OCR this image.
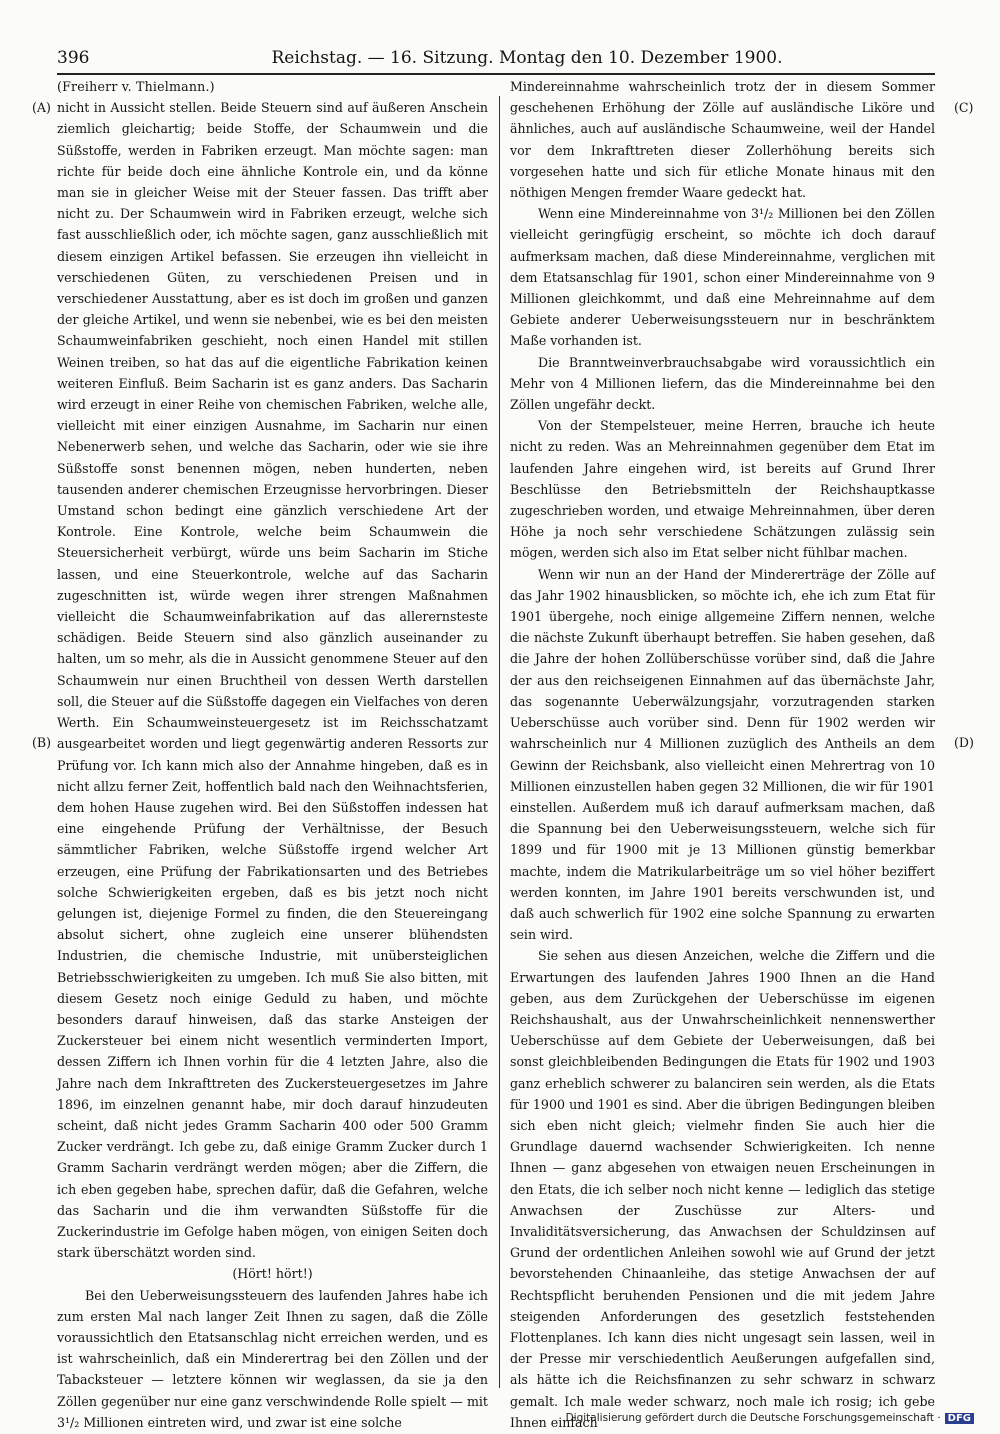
396	Reichstag. — 16. Sitzung. Montag den 10. Dezember 1900.
(A)
(B)
(C)
(D)

(Freiherr v. Thielmann.)

nicht in Aussicht stellen. Beide Steuern sind auf äußeren Anschein ziemlich gleichartig; beide Stoffe, der Schaumwein und die Süßstoffe, werden in Fabriken erzeugt. Man möchte sagen: man richte für beide doch eine ähnliche Kontrole ein, und da könne man sie in gleicher Weise mit der Steuer fassen. Das trifft aber nicht zu. Der Schaumwein wird in Fabriken erzeugt, welche sich fast ausschließlich oder, ich möchte sagen, ganz ausschließlich mit diesem einzigen Artikel befassen. Sie erzeugen ihn vielleicht in verschiedenen Güten, zu verschiedenen Preisen und in verschiedener Ausstattung, aber es ist doch im großen und ganzen der gleiche Artikel, und wenn sie nebenbei, wie es bei den meisten Schaumweinfabriken geschieht, noch einen Handel mit stillen Weinen treiben, so hat das auf die eigentliche Fabrikation keinen weiteren Einfluß. Beim Sacharin ist es ganz anders. Das Sacharin wird erzeugt in einer Reihe von chemischen Fabriken, welche alle, vielleicht mit einer einzigen Ausnahme, im Sacharin nur einen Nebenerwerb sehen, und welche das Sacharin, oder wie sie ihre Süßstoffe sonst benennen mögen, neben hunderten, neben tausenden anderer chemischen Erzeugnisse hervorbringen. Dieser Umstand schon bedingt eine gänzlich verschiedene Art der Kontrole. Eine Kontrole, welche beim Schaumwein die Steuersicherheit verbürgt, würde uns beim Sacharin im Stiche lassen, und eine Steuerkontrole, welche auf das Sacharin zugeschnitten ist, würde wegen ihrer strengen Maßnahmen vielleicht die Schaumweinfabrikation auf das allerernsteste schädigen. Beide Steuern sind also gänzlich auseinander zu halten, um so mehr, als die in Aussicht genommene Steuer auf den Schaumwein nur einen Bruchtheil von dessen Werth darstellen soll, die Steuer auf die Süßstoffe dagegen ein Vielfaches von deren Werth. Ein Schaumweinsteuergesetz ist im Reichsschatzamt ausgearbeitet worden und liegt gegenwärtig anderen Ressorts zur Prüfung vor. Ich kann mich also der Annahme hingeben, daß es in nicht allzu ferner Zeit, hoffentlich bald nach den Weihnachtsferien, dem hohen Hause zugehen wird. Bei den Süßstoffen indessen hat eine eingehende Prüfung der Verhältnisse, der Besuch sämmtlicher Fabriken, welche Süßstoffe irgend welcher Art erzeugen, eine Prüfung der Fabrikationsarten und des Betriebes solche Schwierigkeiten ergeben, daß es bis jetzt noch nicht gelungen ist, diejenige Formel zu finden, die den Steuereingang absolut sichert, ohne zugleich eine unserer blühendsten Industrien, die chemische Industrie, mit unübersteiglichen Betriebsschwierigkeiten zu umgeben. Ich muß Sie also bitten, mit diesem Gesetz noch einige Geduld zu haben, und möchte besonders darauf hinweisen, daß das starke Ansteigen der Zuckersteuer bei einem nicht wesentlich verminderten Import, dessen Ziffern ich Ihnen vorhin für die 4 letzten Jahre, also die Jahre nach dem Inkrafttreten des Zuckersteuergesetzes im Jahre 1896, im einzelnen genannt habe, mir doch darauf hinzudeuten scheint, daß nicht jedes Gramm Sacharin 400 oder 500 Gramm Zucker verdrängt. Ich gebe zu, daß einige Gramm Zucker durch 1 Gramm Sacharin verdrängt werden mögen; aber die Ziffern, die ich eben gegeben habe, sprechen dafür, daß die Gefahren, welche das Sacharin und die ihm verwandten Süßstoffe für die Zuckerindustrie im Gefolge haben mögen, von einigen Seiten doch stark überschätzt worden sind.

(Hört! hört!)

Bei den Ueberweisungssteuern des laufenden Jahres habe ich zum ersten Mal nach langer Zeit Ihnen zu sagen, daß die Zölle voraussichtlich den Etatsanschlag nicht erreichen werden, und es ist wahrscheinlich, daß ein Minderertrag bei den Zöllen und der Tabacksteuer — letztere können wir weglassen, da sie ja den Zöllen gegenüber nur eine ganz verschwindende Rolle spielt — mit 3¹/₂ Millionen eintreten wird, und zwar ist eine solche

Mindereinnahme wahrscheinlich trotz der in diesem Sommer geschehenen Erhöhung der Zölle auf ausländische Liköre und ähnliches, auch auf ausländische Schaumweine, weil der Handel vor dem Inkrafttreten dieser Zollerhöhung bereits sich vorgesehen hatte und sich für etliche Monate hinaus mit den nöthigen Mengen fremder Waare gedeckt hat.

Wenn eine Mindereinnahme von 3¹/₂ Millionen bei den Zöllen vielleicht geringfügig erscheint, so möchte ich doch darauf aufmerksam machen, daß diese Mindereinnahme, verglichen mit dem Etatsanschlag für 1901, schon einer Mindereinnahme von 9 Millionen gleichkommt, und daß eine Mehreinnahme auf dem Gebiete anderer Ueberweisungssteuern nur in beschränktem Maße vorhanden ist.

Die Branntweinverbrauchsabgabe wird voraussichtlich ein Mehr von 4 Millionen liefern, das die Mindereinnahme bei den Zöllen ungefähr deckt.

Von der Stempelsteuer, meine Herren, brauche ich heute nicht zu reden. Was an Mehreinnahmen gegenüber dem Etat im laufenden Jahre eingehen wird, ist bereits auf Grund Ihrer Beschlüsse den Betriebsmitteln der Reichshauptkasse zugeschrieben worden, und etwaige Mehreinnahmen, über deren Höhe ja noch sehr verschiedene Schätzungen zulässig sein mögen, werden sich also im Etat selber nicht fühlbar machen.

Wenn wir nun an der Hand der Mindererträge der Zölle auf das Jahr 1902 hinausblicken, so möchte ich, ehe ich zum Etat für 1901 übergehe, noch einige allgemeine Ziffern nennen, welche die nächste Zukunft überhaupt betreffen. Sie haben gesehen, daß die Jahre der hohen Zollüberschüsse vorüber sind, daß die Jahre der aus den reichseigenen Einnahmen auf das übernächste Jahr, das sogenannte Ueberwälzungsjahr, vorzutragenden starken Ueberschüsse auch vorüber sind. Denn für 1902 werden wir wahrscheinlich nur 4 Millionen zuzüglich des Antheils an dem Gewinn der Reichsbank, also vielleicht einen Mehrertrag von 10 Millionen einzustellen haben gegen 32 Millionen, die wir für 1901 einstellen. Außerdem muß ich darauf aufmerksam machen, daß die Spannung bei den Ueberweisungssteuern, welche sich für 1899 und für 1900 mit je 13 Millionen günstig bemerkbar machte, indem die Matrikularbeiträge um so viel höher beziffert werden konnten, im Jahre 1901 bereits verschwunden ist, und daß auch schwerlich für 1902 eine solche Spannung zu erwarten sein wird.

Sie sehen aus diesen Anzeichen, welche die Ziffern und die Erwartungen des laufenden Jahres 1900 Ihnen an die Hand geben, aus dem Zurückgehen der Ueberschüsse im eigenen Reichshaushalt, aus der Unwahrscheinlichkeit nennenswerther Ueberschüsse auf dem Gebiete der Ueberweisungen, daß bei sonst gleichbleibenden Bedingungen die Etats für 1902 und 1903 ganz erheblich schwerer zu balanciren sein werden, als die Etats für 1900 und 1901 es sind. Aber die übrigen Bedingungen bleiben sich eben nicht gleich; vielmehr finden Sie auch hier die Grundlage dauernd wachsender Schwierigkeiten. Ich nenne Ihnen — ganz abgesehen von etwaigen neuen Erscheinungen in den Etats, die ich selber noch nicht kenne — lediglich das stetige Anwachsen der Zuschüsse zur Alters- und Invaliditätsversicherung, das Anwachsen der Schuldzinsen auf Grund der ordentlichen Anleihen sowohl wie auf Grund der jetzt bevorstehenden Chinaanleihe, das stetige Anwachsen der auf Rechtspflicht beruhenden Pensionen und die mit jedem Jahre steigenden Anforderungen des gesetzlich feststehenden Flottenplanes. Ich kann dies nicht ungesagt sein lassen, weil in der Presse mir verschiedentlich Aeußerungen aufgefallen sind, als hätte ich die Reichsfinanzen zu sehr schwarz in schwarz gemalt. Ich male weder schwarz, noch male ich rosig; ich gebe Ihnen einfach

Digitalisierung gefördert durch die Deutsche Forschungsgemeinschaft · DFG
